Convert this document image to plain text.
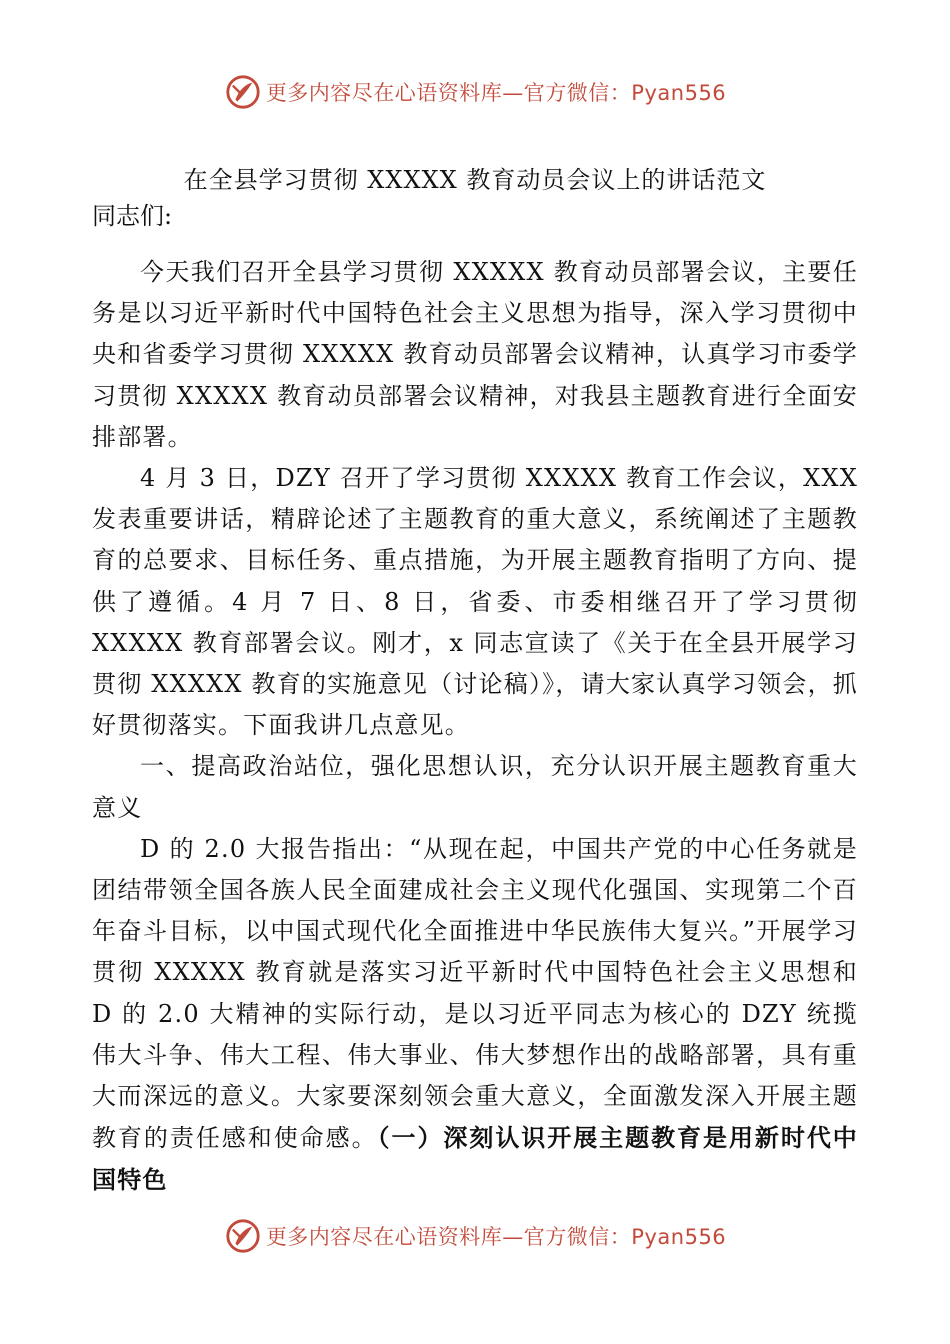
更多内容尽在心语资料库—官方微信：Pyan556
在全县学习贯彻 XXXXX 教育动员会议上的讲话范文

同志们:

今天我们召开全县学习贯彻 XXXXX 教育动员部署会议，主要任务是以习近平新时代中国特色社会主义思想为指导，深入学习贯彻中央和省委学习贯彻 XXXXX 教育动员部署会议精神，认真学习市委学习贯彻 XXXXX 教育动员部署会议精神，对我县主题教育进行全面安排部署。

4 月 3 日，DZY 召开了学习贯彻 XXXXX 教育工作会议，XXX 发表重要讲话，精辟论述了主题教育的重大意义，系统阐述了主题教育的总要求、目标任务、重点措施，为开展主题教育指明了方向、提供了遵循。4 月 7 日、8 日，省委、市委相继召开了学习贯彻 XXXXX 教育部署会议。刚才，x 同志宣读了《关于在全县开展学习贯彻 XXXXX 教育的实施意见（讨论稿）》，请大家认真学习领会，抓好贯彻落实。下面我讲几点意见。

一、提高政治站位，强化思想认识，充分认识开展主题教育重大意义

D 的 2.0 大报告指出：“从现在起，中国共产党的中心任务就是团结带领全国各族人民全面建成社会主义现代化强国、实现第二个百年奋斗目标，以中国式现代化全面推进中华民族伟大复兴。”开展学习贯彻 XXXXX 教育就是落实习近平新时代中国特色社会主义思想和 D 的 2.0 大精神的实际行动，是以习近平同志为核心的 DZY 统揽伟大斗争、伟大工程、伟大事业、伟大梦想作出的战略部署，具有重大而深远的意义。大家要深刻领会重大意义，全面激发深入开展主题教育的责任感和使命感。（一）深刻认识开展主题教育是用新时代中国特色

更多内容尽在心语资料库—官方微信：Pyan556
